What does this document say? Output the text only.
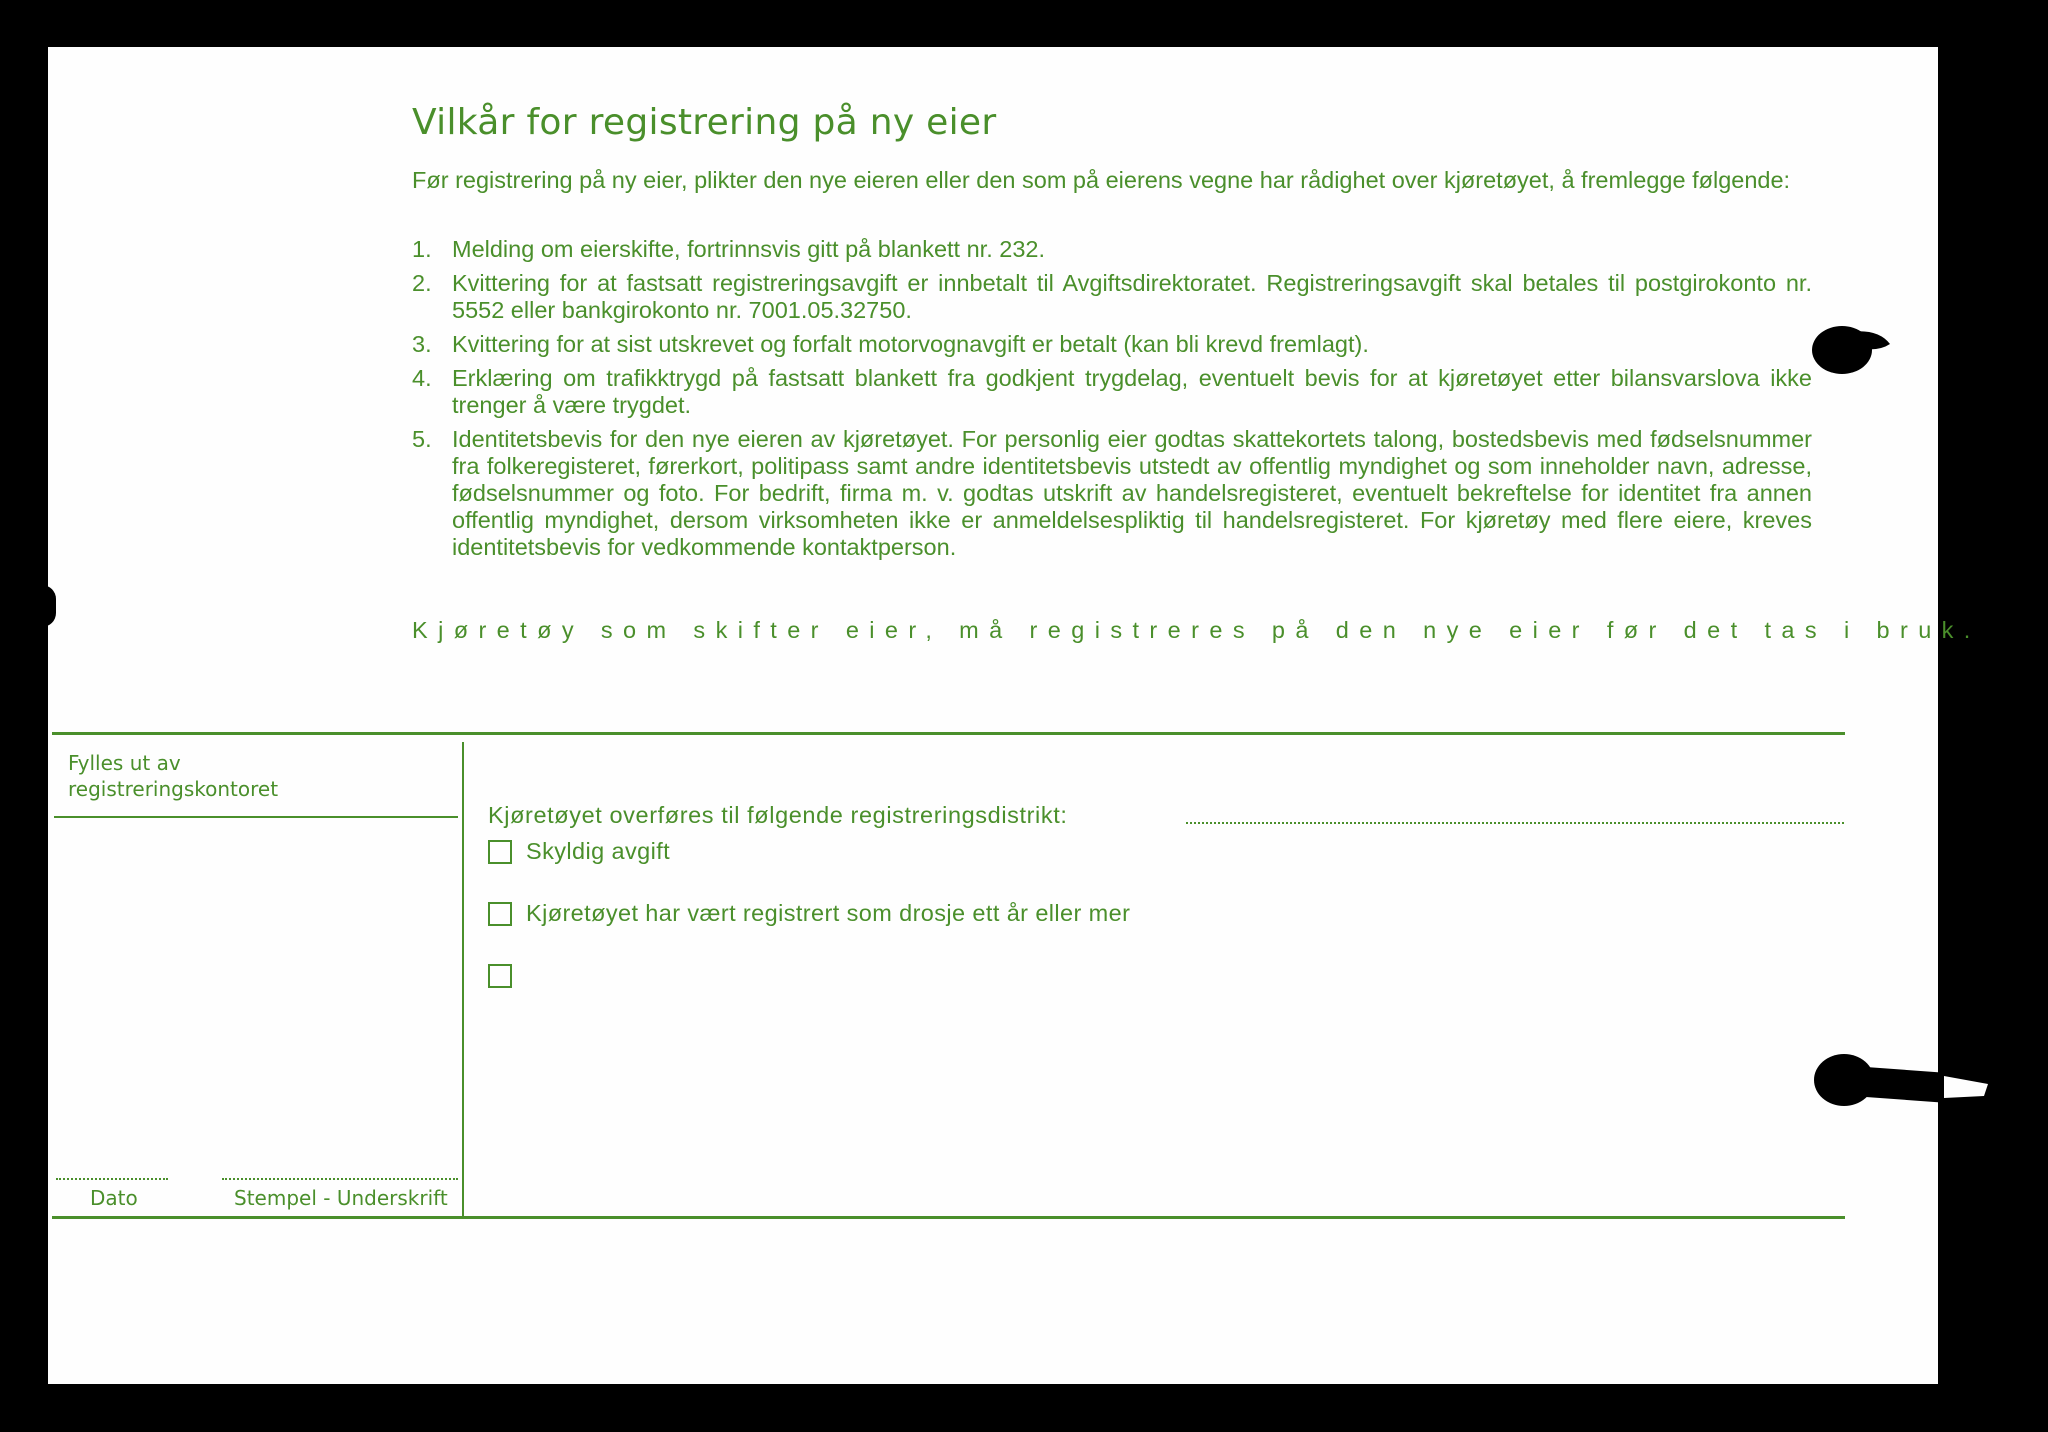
Vilkår for registrering på ny eier
Før registrering på ny eier, plikter den nye eieren eller den som på eierens vegne har rådighet over kjøretøyet, å fremlegge følgende:
1. Melding om eierskifte, fortrinnsvis gitt på blankett nr. 232.
2. Kvittering for at fastsatt registreringsavgift er innbetalt til Avgiftsdirektoratet. Registreringsavgift skal betales til postgirokonto nr. 5552 eller bankgirokonto nr. 7001.05.32750.
3. Kvittering for at sist utskrevet og forfalt motorvognavgift er betalt (kan bli krevd fremlagt).
4. Erklæring om trafikktrygd på fastsatt blankett fra godkjent trygdelag, eventuelt bevis for at kjøretøyet etter bilansvarslova ikke trenger å være trygdet.
5. Identitetsbevis for den nye eieren av kjøretøyet. For personlig eier godtas skattekortets talong, bostedsbevis med fødselsnummer fra folkeregisteret, førerkort, politipass samt andre identitetsbevis utstedt av offentlig myndighet og som inneholder navn, adresse, fødselsnummer og foto. For bedrift, firma m. v. godtas utskrift av handelsregisteret, eventuelt bekreftelse for identitet fra annen offentlig myndighet, dersom virksomheten ikke er anmeldelsespliktig til handelsregisteret. For kjøretøy med flere eiere, kreves identitetsbevis for vedkommende kontaktperson.
Kjøretøy som skifter eier, må registreres på den nye eier før det tas i bruk.
Fylles ut av registreringskontoret
Dato	Stempel - Underskrift
Kjøretøyet overføres til følgende registreringsdistrikt:
Skyldig avgift
Kjøretøyet har vært registrert som drosje ett år eller mer
